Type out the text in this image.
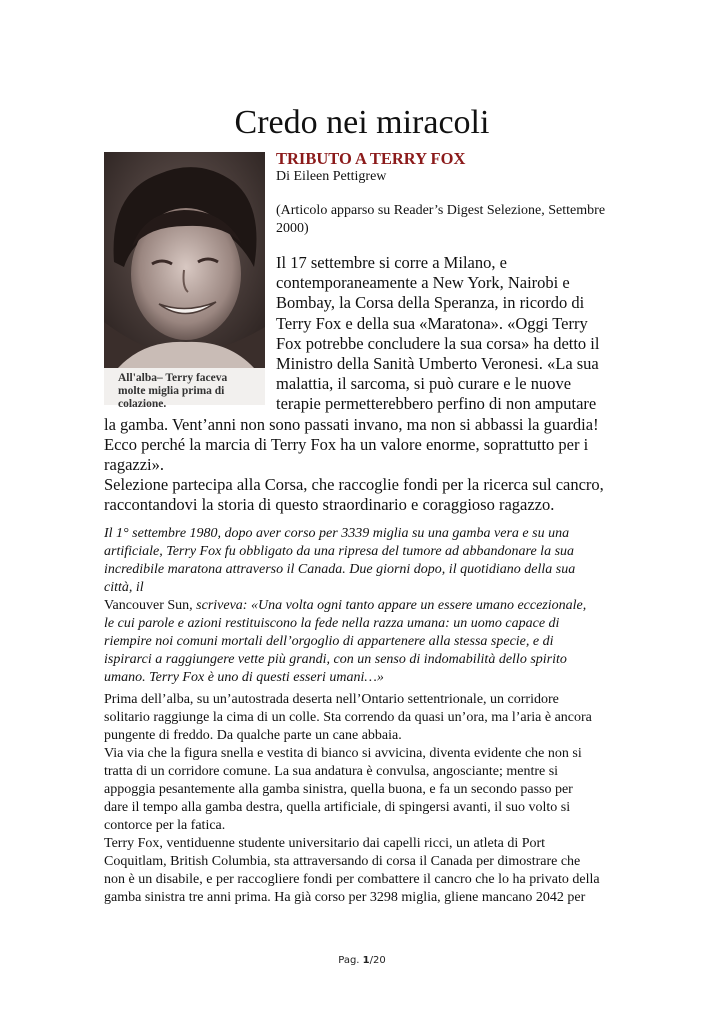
Credo nei miracoli
All'alba– Terry faceva
molte miglia prima di
colazione.
TRIBUTO A TERRY FOX
Di Eileen Pettigrew
(Articolo apparso su Reader’s Digest Selezione, Settembre 2000)
Il 17 settembre si corre a Milano, e
contemporaneamente a New York, Nairobi e
Bombay, la Corsa della Speranza, in ricordo di
Terry Fox e della sua «Maratona». «Oggi Terry
Fox potrebbe concludere la sua corsa» ha detto il
Ministro della Sanità Umberto Veronesi. «La sua
malattia, il sarcoma, si può curare e le nuove
terapie permetterebbero perfino di non amputare
la gamba. Vent’anni non sono passati invano, ma non si abbassi la guardia!
Ecco perché la marcia di Terry Fox ha un valore enorme, soprattutto per i
ragazzi».
Selezione partecipa alla Corsa, che raccoglie fondi per la ricerca sul cancro,
raccontandovi la storia di questo straordinario e coraggioso ragazzo.
Il 1° settembre 1980, dopo aver corso per 3339 miglia su una gamba vera e su una
artificiale, Terry Fox fu obbligato da una ripresa del tumore ad abbandonare la sua
incredibile maratona attraverso il Canada. Due giorni dopo, il quotidiano della sua
città, il
Vancouver Sun, scriveva: «Una volta ogni tanto appare un essere umano eccezionale,
le cui parole e azioni restituiscono la fede nella razza umana: un uomo capace di
riempire noi comuni mortali dell’orgoglio di appartenere alla stessa specie, e di
ispirarci a raggiungere vette più grandi, con un senso di indomabilità dello spirito
umano. Terry Fox è uno di questi esseri umani…»
Prima dell’alba, su un’autostrada deserta nell’Ontario settentrionale, un corridore
solitario raggiunge la cima di un colle. Sta correndo da quasi un’ora, ma l’aria è ancora
pungente di freddo. Da qualche parte un cane abbaia.
Via via che la figura snella e vestita di bianco si avvicina, diventa evidente che non si
tratta di un corridore comune. La sua andatura è convulsa, angosciante; mentre si
appoggia pesantemente alla gamba sinistra, quella buona, e fa un secondo passo per
dare il tempo alla gamba destra, quella artificiale, di spingersi avanti, il suo volto si
contorce per la fatica.
Terry Fox, ventiduenne studente universitario dai capelli ricci, un atleta di Port
Coquitlam, British Columbia, sta attraversando di corsa il Canada per dimostrare che
non è un disabile, e per raccogliere fondi per combattere il cancro che lo ha privato della
gamba sinistra tre anni prima. Ha già corso per 3298 miglia, gliene mancano 2042 per
Pag. 1/20
